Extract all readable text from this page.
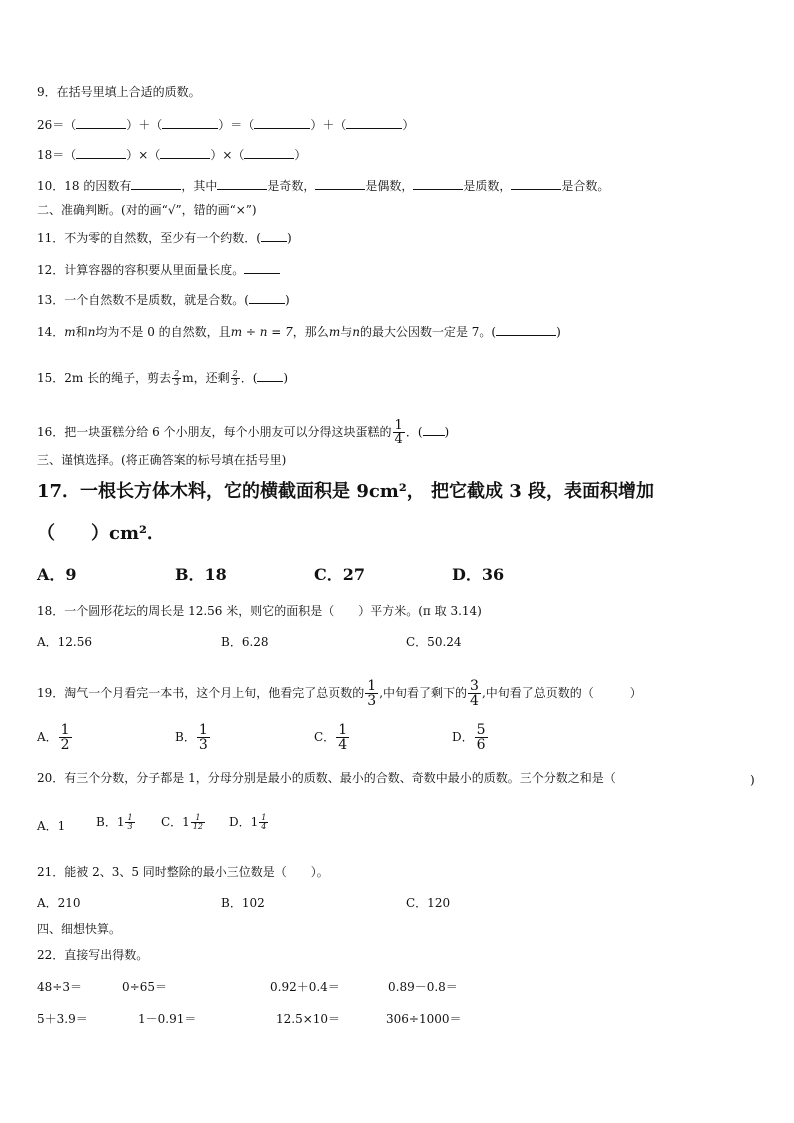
9．在括号里填上合适的质数。
26＝（	）＋（	）＝（	）＋（	）
18＝（	）×（	）×（	）
10．18 的因数有	，其中	是奇数，	是偶数，	是质数，	是合数。
二、准确判断。(对的画“√”，错的画“×”)
11．不为零的自然数，至少有一个约数．( )
12．计算容器的容积要从里面量长度。
13．一个自然数不是质数，就是合数。(	)
14．m和n均为不是 0 的自然数，且m ÷ n = 7，那么m与n的最大公因数一定是 7。(	)
15．2m 长的绳子，剪去 $\frac{2}{3}$ m，还剩 $\frac{2}{3}$ ．( )
16．把一块蛋糕分给 6 个小朋友，每个小朋友可以分得这块蛋糕的 $\frac{1}{4}$ ．( )
三、谨慎选择。(将正确答案的标号填在括号里)
17．一根长方体木料，它的横截面积是 9cm²， 把它截成 3 段，表面积增加
（　　）cm²．
A．9	B．18	C．27	D．36
18．一个圆形花坛的周长是 12.56 米，则它的面积是（　　）平方米。(π 取 3.14)
A．12.56	B．6.28	C．50.24
19．淘气一个月看完一本书，这个月上旬，他看完了总页数的 $\frac{1}{3}$ ,中旬看了剩下的 $\frac{3}{4}$ ,中旬看了总页数的（　　　）
A． $\frac{1}{2}$	B． $\frac{1}{3}$	C． $\frac{1}{4}$	D． $\frac{5}{6}$
20．有三个分数，分子都是 1，分母分别是最小的质数、最小的合数、奇数中最小的质数。三个分数之和是（	)
A．1	B．$1 \frac{1}{3}$ C．$1 \frac{1}{12}$ D．$1 \frac{1}{4}$
21．能被 2、3、5 同时整除的最小三位数是（　　）。
A．210	B．102	C．120
四、细想快算。
22．直接写出得数。
48÷3＝	0÷65＝	0.92＋0.4＝	0.89－0.8＝
5＋3.9＝	1－0.91＝	12.5×10＝	306÷1000＝
